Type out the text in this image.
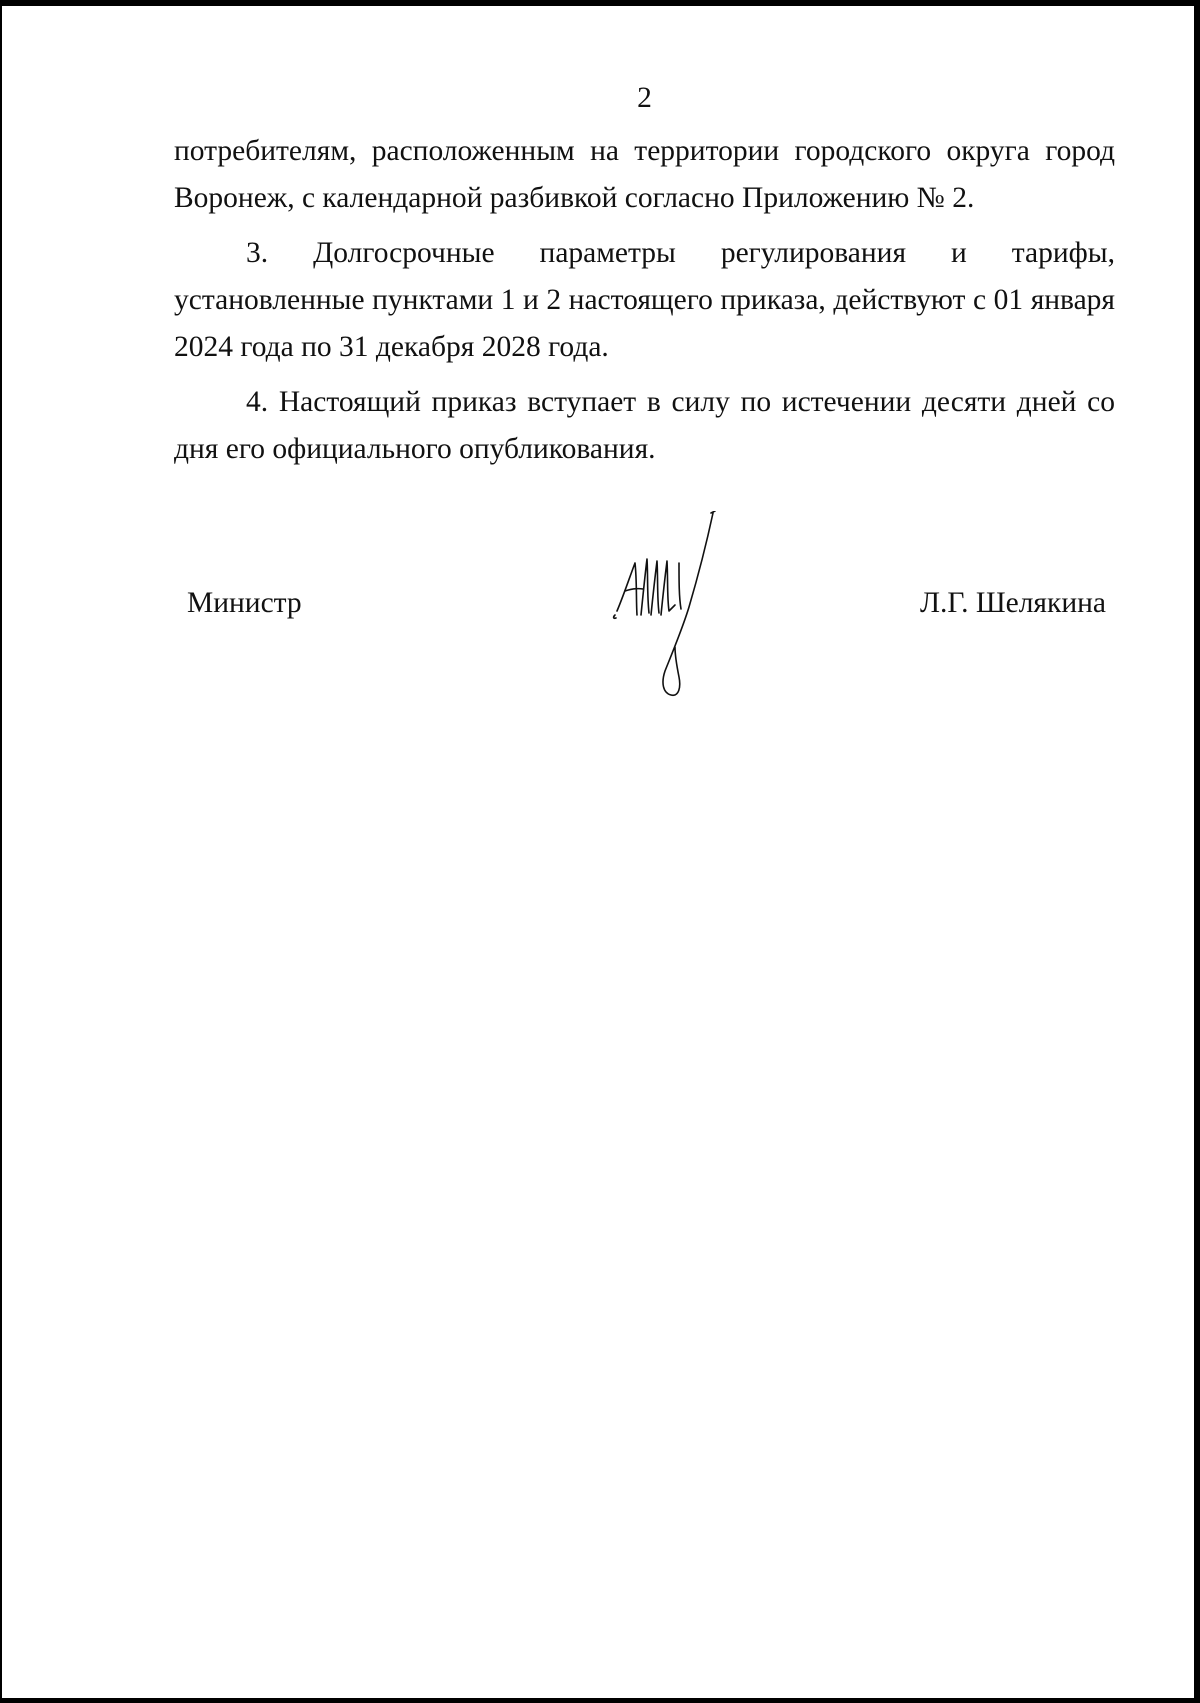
2

потребителям, расположенным на территории городского округа город Воронеж, с календарной разбивкой согласно Приложению № 2.

3. Долгосрочные параметры регулирования и тарифы, установленные пунктами 1 и 2 настоящего приказа, действуют с 01 января 2024 года по 31 декабря 2028 года.

4. Настоящий приказ вступает в силу по истечении десяти дней со дня его официального опубликования.

Министр	Л.Г. Шелякина
